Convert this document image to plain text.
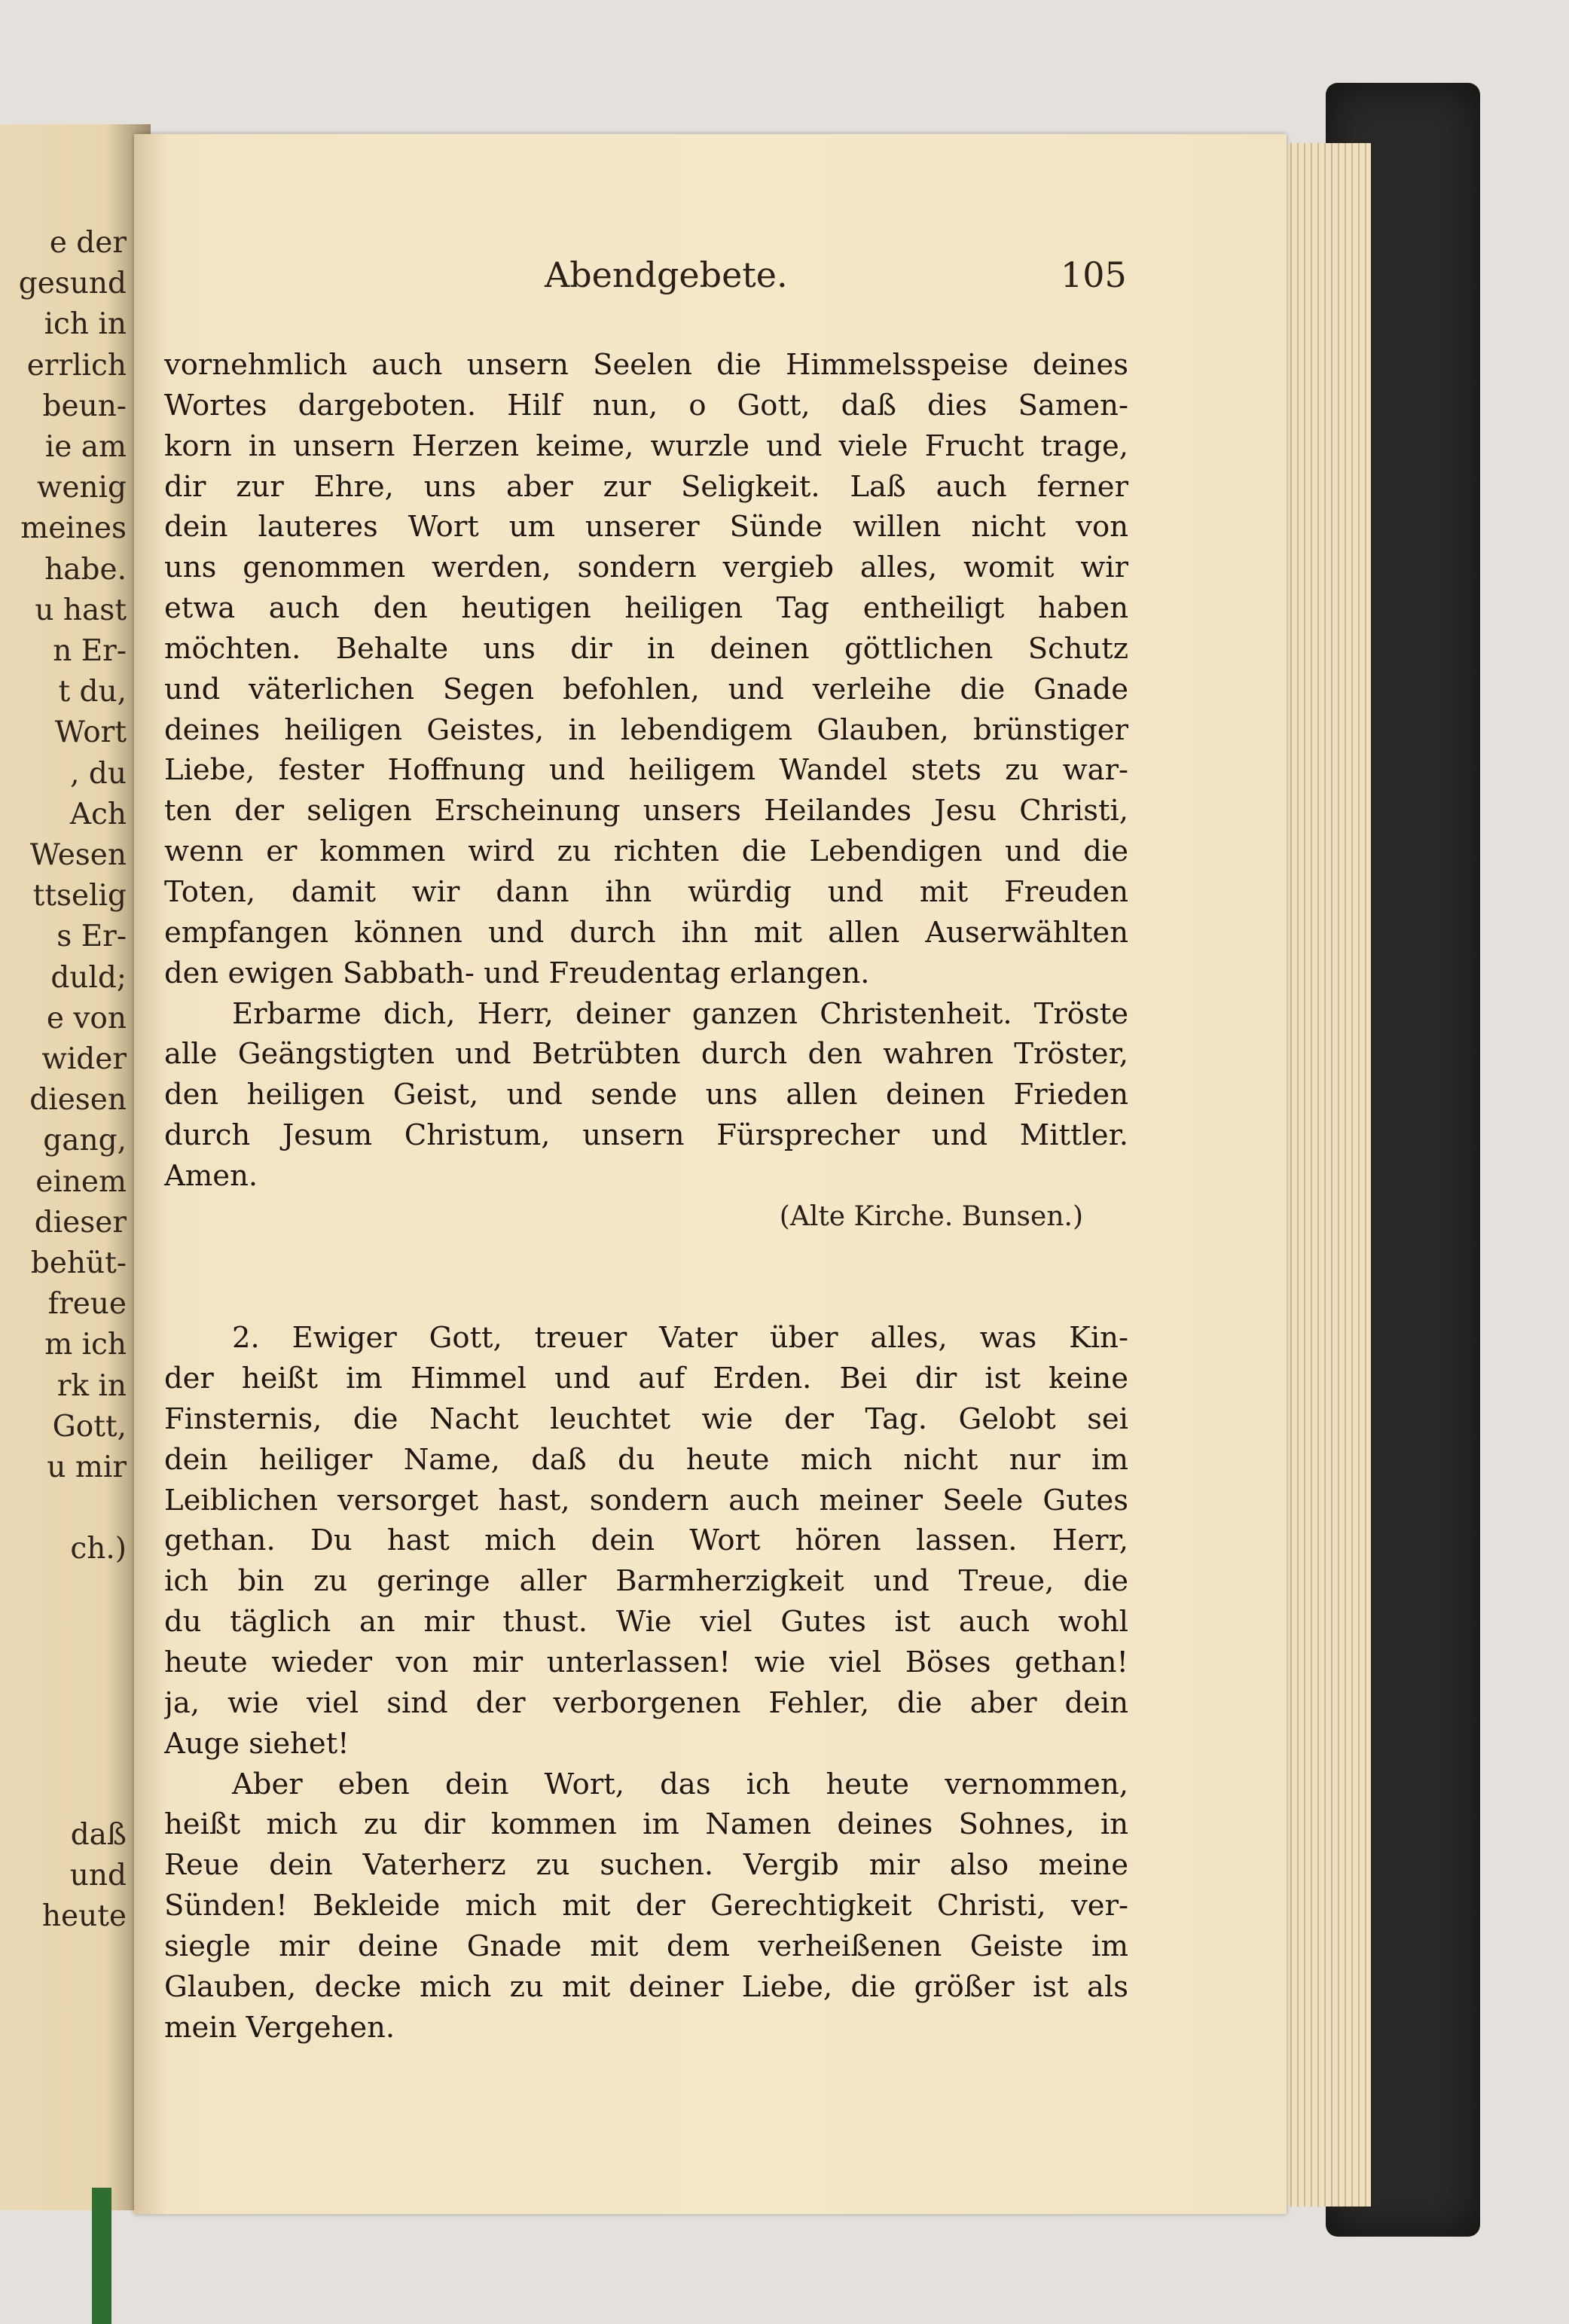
e der
gesund
ich in
errlich
beun-
ie am
wenig
meines
habe.
u hast
n Er-
t du,
Wort
, du
Ach
Wesen
ttselig
s Er-
duld;
e von
wider
diesen
gang,
einem
dieser
behüt-
freue
m ich
rk in
Gott,
u mir
ch.)
daß
und
heute
Abendgebete.	105
vornehmlich auch unsern Seelen die Himmelsspeise deines
Wortes dargeboten. Hilf nun, o Gott, daß dies Samen-
korn in unsern Herzen keime, wurzle und viele Frucht trage,
dir zur Ehre, uns aber zur Seligkeit. Laß auch ferner
dein lauteres Wort um unserer Sünde willen nicht von
uns genommen werden, sondern vergieb alles, womit wir
etwa auch den heutigen heiligen Tag entheiligt haben
möchten. Behalte uns dir in deinen göttlichen Schutz
und väterlichen Segen befohlen, und verleihe die Gnade
deines heiligen Geistes, in lebendigem Glauben, brünstiger
Liebe, fester Hoffnung und heiligem Wandel stets zu war-
ten der seligen Erscheinung unsers Heilandes Jesu Christi,
wenn er kommen wird zu richten die Lebendigen und die
Toten, damit wir dann ihn würdig und mit Freuden
empfangen können und durch ihn mit allen Auserwählten
den ewigen Sabbath- und Freudentag erlangen.
Erbarme dich, Herr, deiner ganzen Christenheit. Tröste
alle Geängstigten und Betrübten durch den wahren Tröster,
den heiligen Geist, und sende uns allen deinen Frieden
durch Jesum Christum, unsern Fürsprecher und Mittler.
Amen.
(Alte Kirche. Bunsen.)
2. Ewiger Gott, treuer Vater über alles, was Kin-
der heißt im Himmel und auf Erden. Bei dir ist keine
Finsternis, die Nacht leuchtet wie der Tag. Gelobt sei
dein heiliger Name, daß du heute mich nicht nur im
Leiblichen versorget hast, sondern auch meiner Seele Gutes
gethan. Du hast mich dein Wort hören lassen. Herr,
ich bin zu geringe aller Barmherzigkeit und Treue, die
du täglich an mir thust. Wie viel Gutes ist auch wohl
heute wieder von mir unterlassen! wie viel Böses gethan!
ja, wie viel sind der verborgenen Fehler, die aber dein
Auge siehet!
Aber eben dein Wort, das ich heute vernommen,
heißt mich zu dir kommen im Namen deines Sohnes, in
Reue dein Vaterherz zu suchen. Vergib mir also meine
Sünden! Bekleide mich mit der Gerechtigkeit Christi, ver-
siegle mir deine Gnade mit dem verheißenen Geiste im
Glauben, decke mich zu mit deiner Liebe, die größer ist als
mein Vergehen.
